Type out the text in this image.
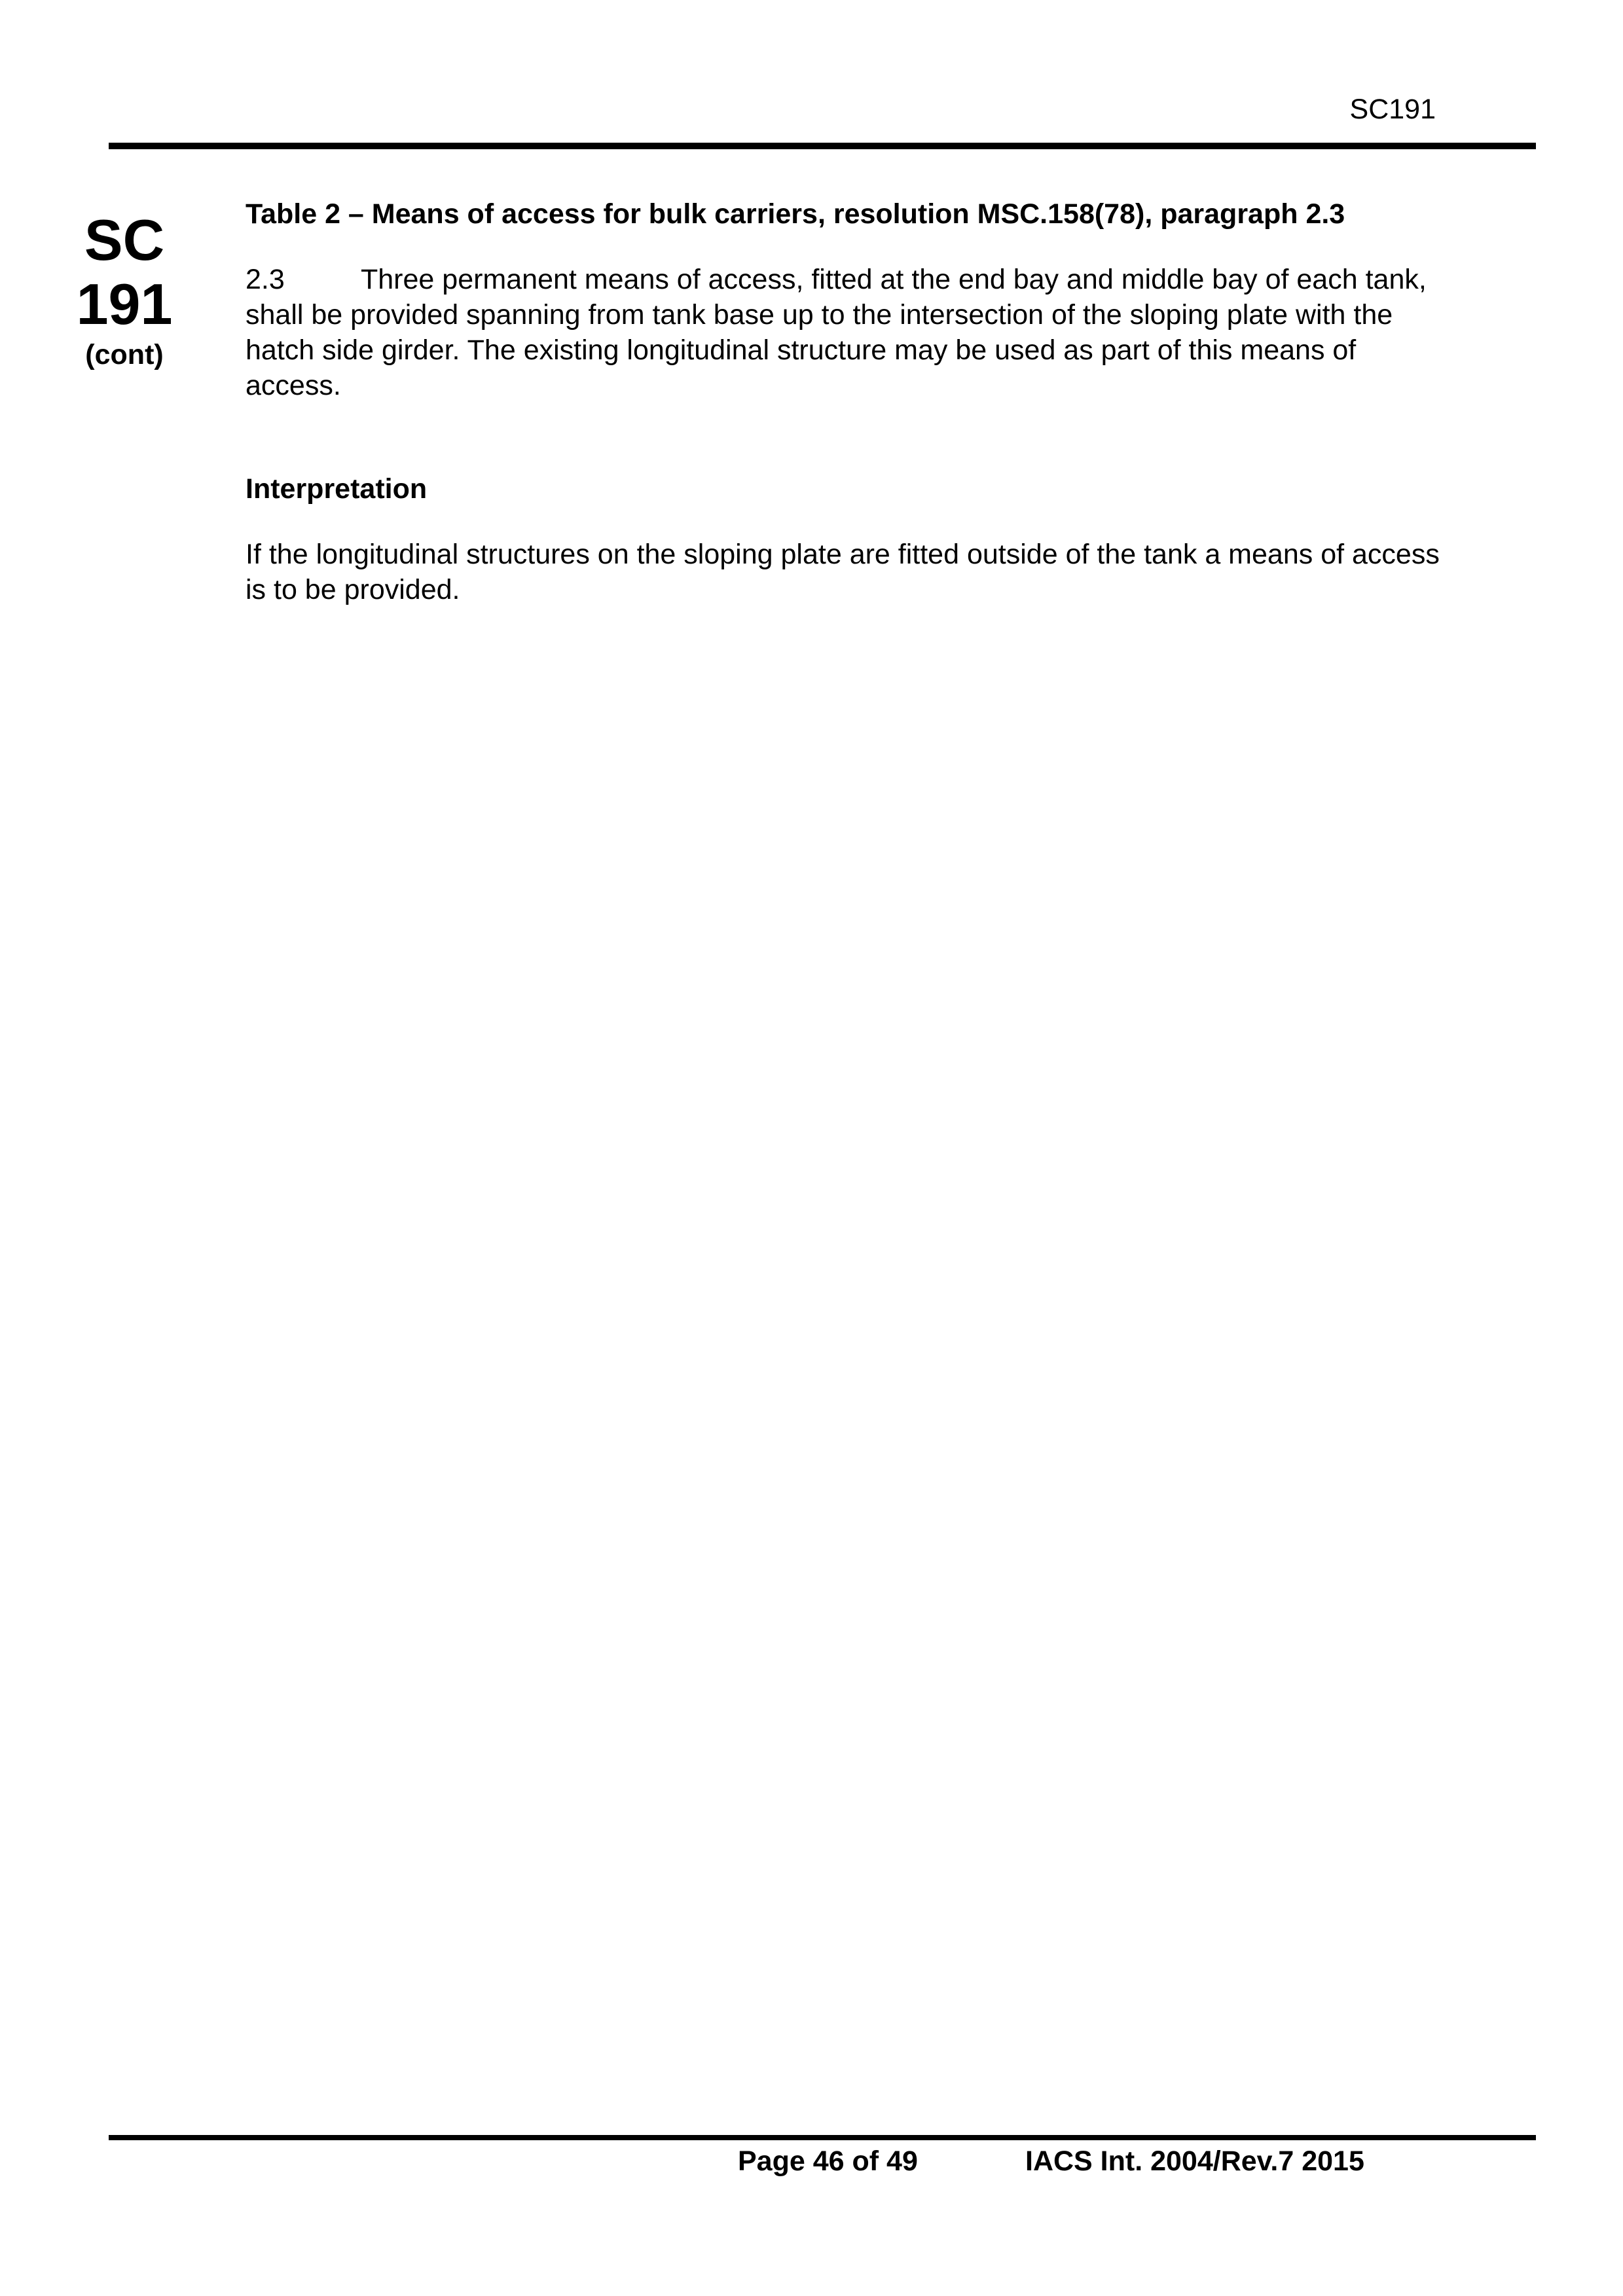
SC191
SC
191
(cont)

Table 2 – Means of access for bulk carriers, resolution MSC.158(78), paragraph 2.3

2.3	Three permanent means of access, fitted at the end bay and middle bay of each tank, shall be provided spanning from tank base up to the intersection of the sloping plate with the hatch side girder. The existing longitudinal structure may be used as part of this means of access.

Interpretation

If the longitudinal structures on the sloping plate are fitted outside of the tank a means of access is to be provided.

Page 46 of 49	IACS Int. 2004/Rev.7 2015
